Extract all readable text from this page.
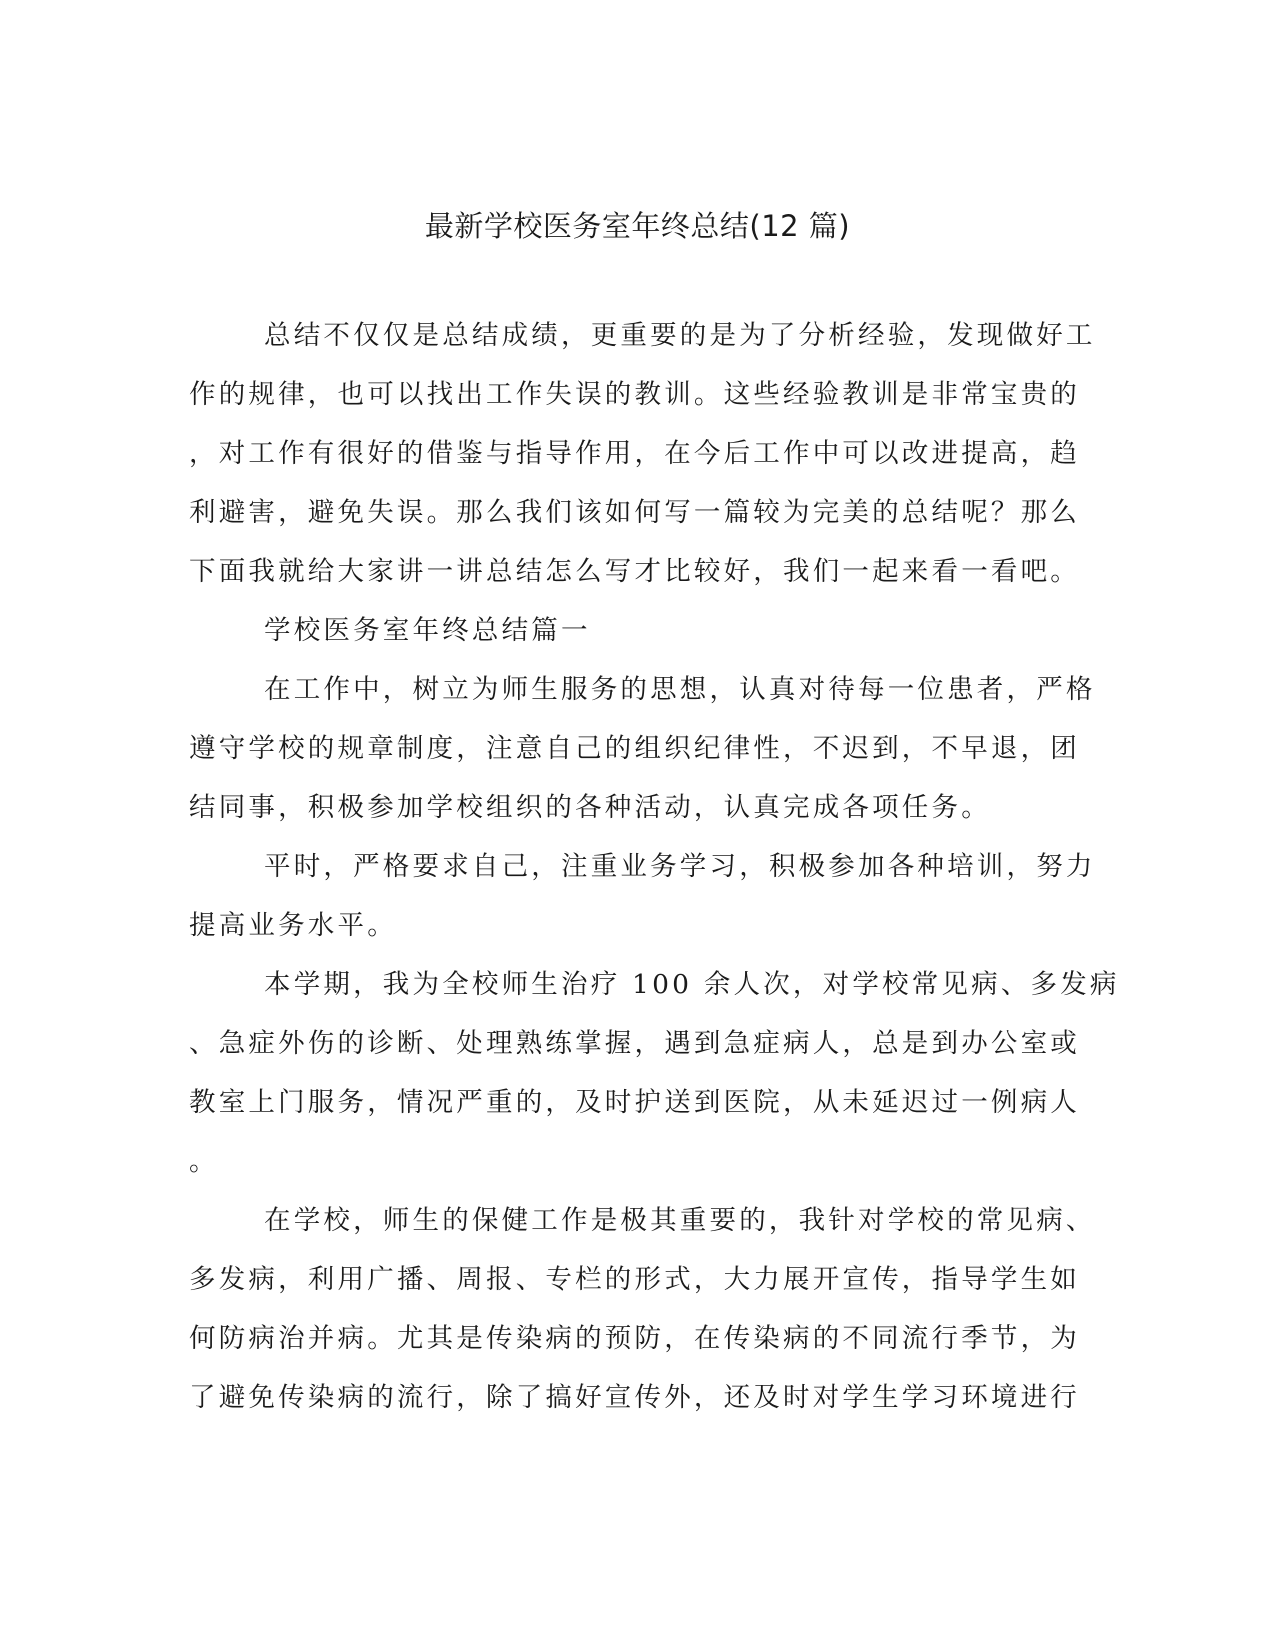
最新学校医务室年终总结(12 篇)

总结不仅仅是总结成绩，更重要的是为了分析经验，发现做好工

作的规律，也可以找出工作失误的教训。这些经验教训是非常宝贵的

，对工作有很好的借鉴与指导作用，在今后工作中可以改进提高，趋

利避害，避免失误。那么我们该如何写一篇较为完美的总结呢？那么

下面我就给大家讲一讲总结怎么写才比较好，我们一起来看一看吧。

学校医务室年终总结篇一

在工作中，树立为师生服务的思想，认真对待每一位患者，严格

遵守学校的规章制度，注意自己的组织纪律性，不迟到，不早退，团

结同事，积极参加学校组织的各种活动，认真完成各项任务。

平时，严格要求自己，注重业务学习，积极参加各种培训，努力

提高业务水平。

本学期，我为全校师生治疗 100 余人次，对学校常见病、多发病

、急症外伤的诊断、处理熟练掌握，遇到急症病人，总是到办公室或

教室上门服务，情况严重的，及时护送到医院，从未延迟过一例病人

。

在学校，师生的保健工作是极其重要的，我针对学校的常见病、

多发病，利用广播、周报、专栏的形式，大力展开宣传，指导学生如

何防病治并病。尤其是传染病的预防，在传染病的不同流行季节，为

了避免传染病的流行，除了搞好宣传外，还及时对学生学习环境进行
